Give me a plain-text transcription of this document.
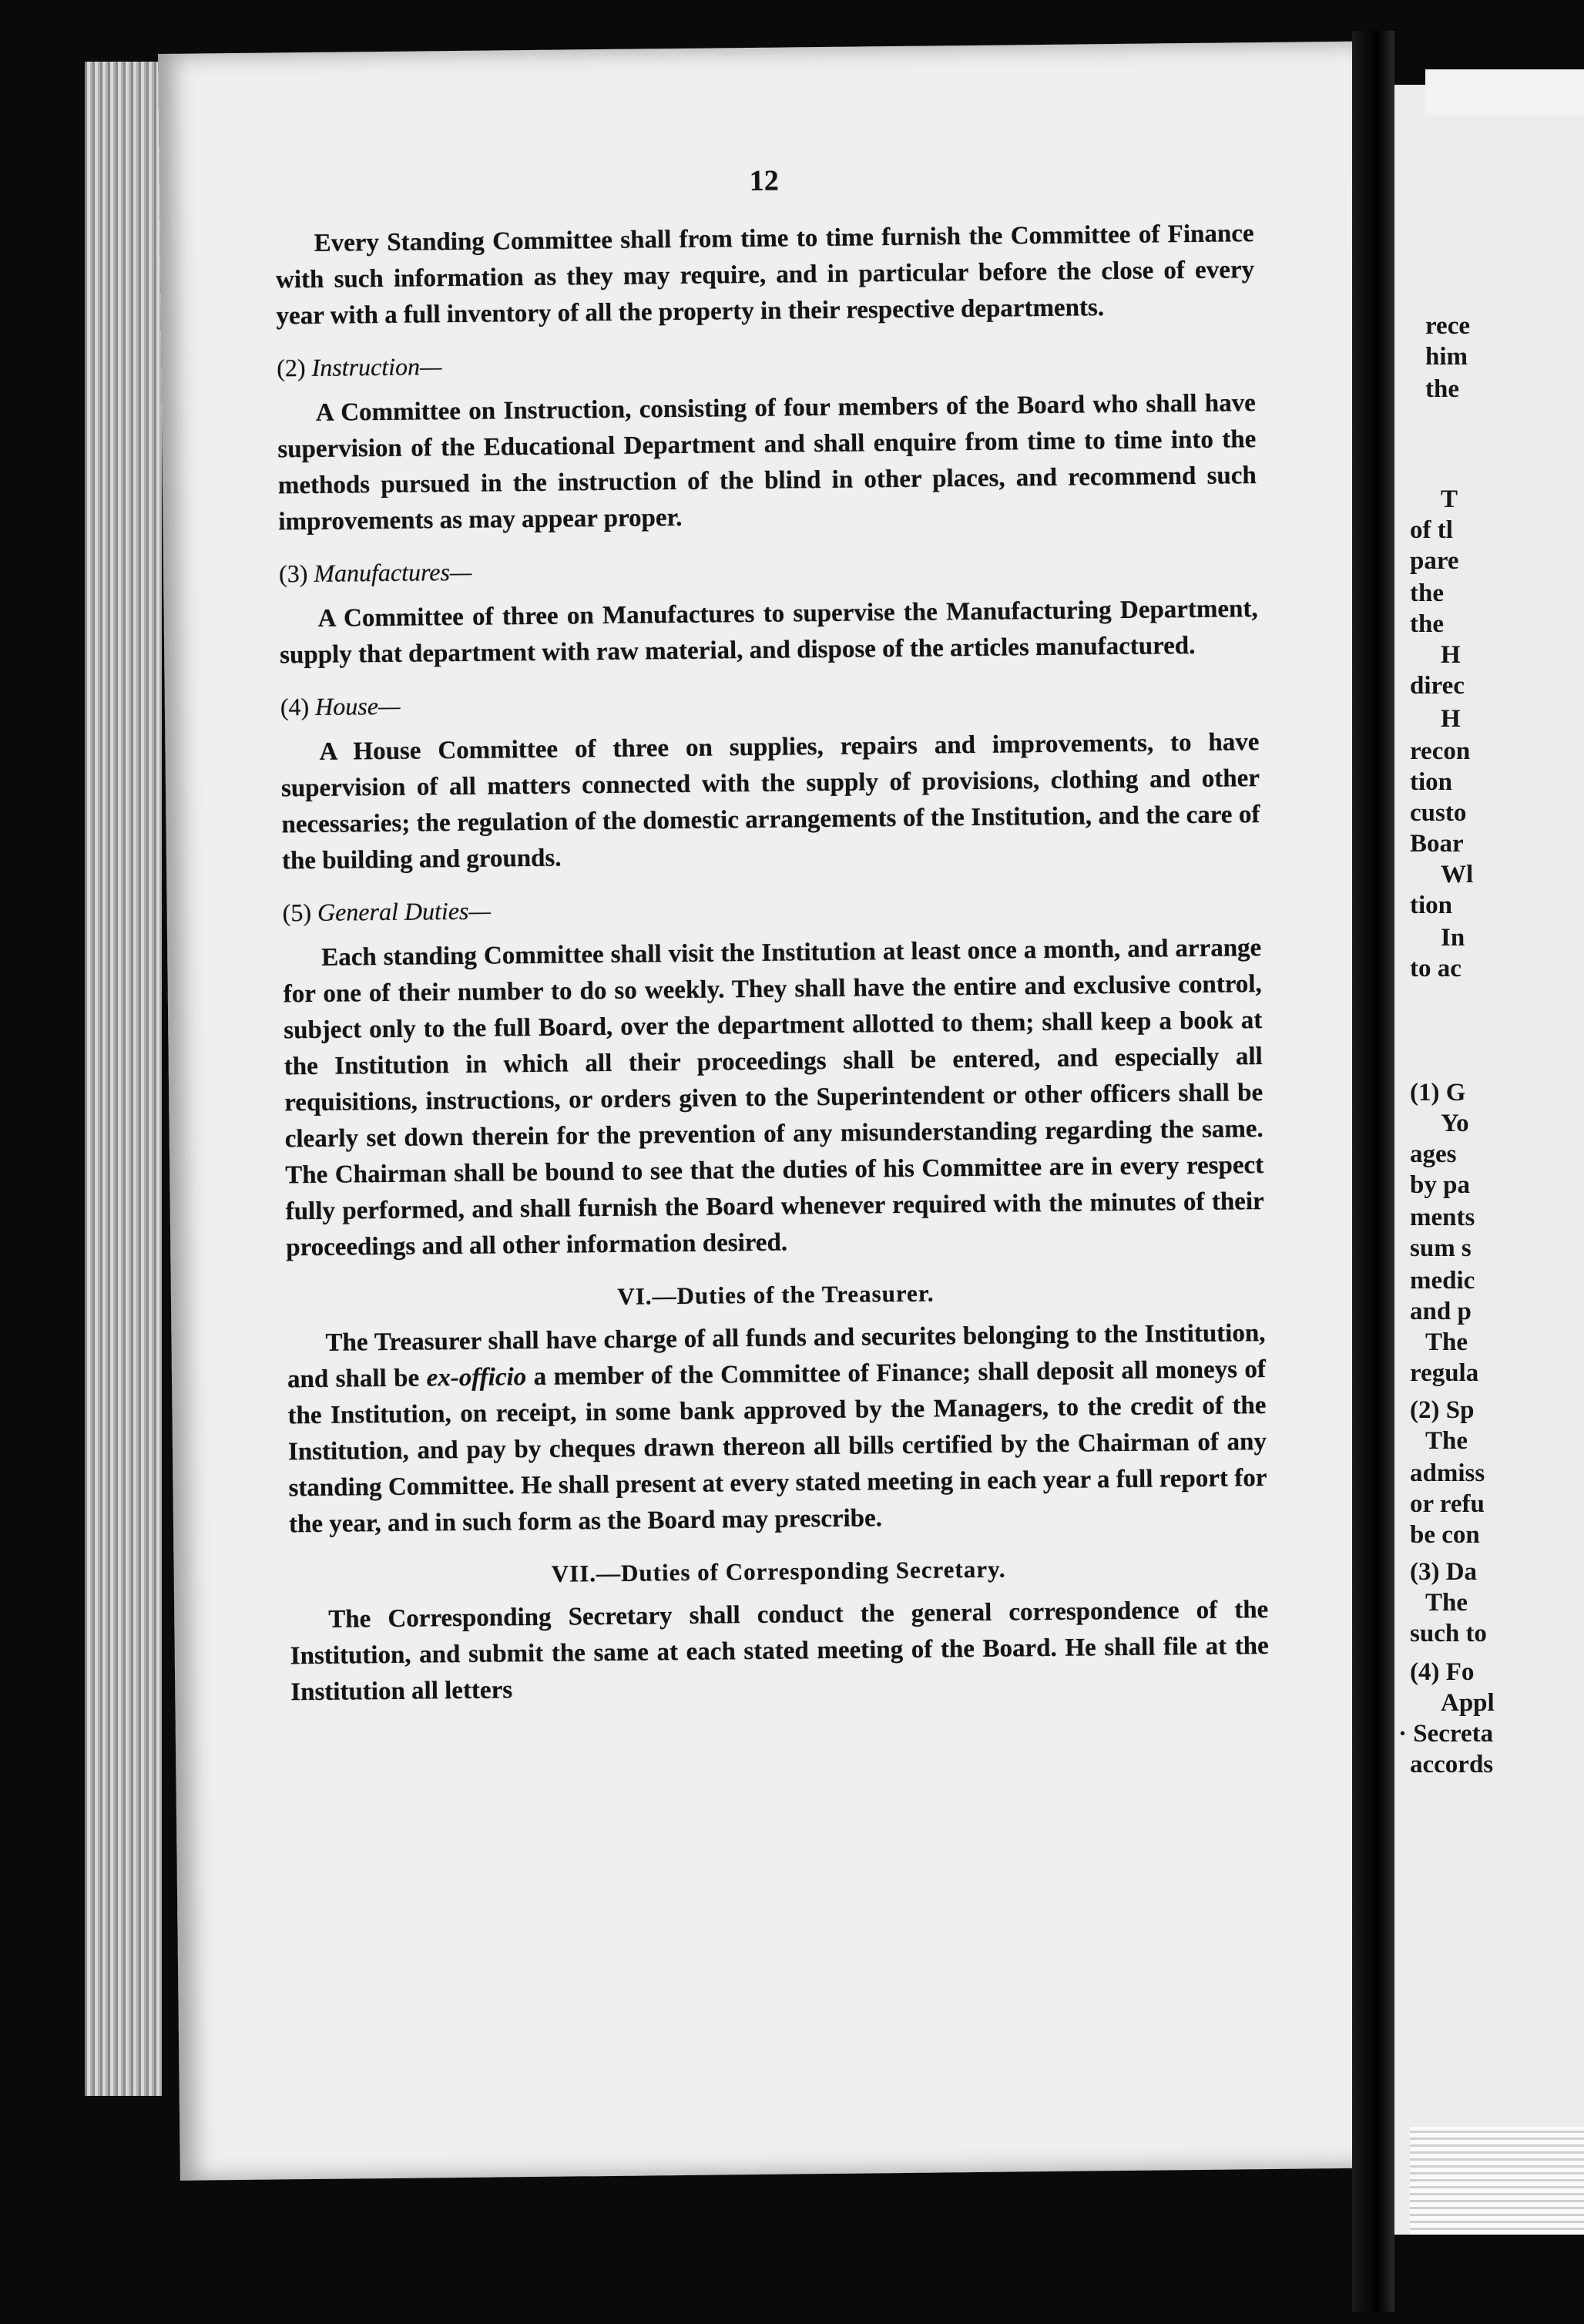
12

Every Standing Committee shall from time to time furnish the Committee of Finance with such information as they may require, and in particular before the close of every year with a full inventory of all the property in their respective departments.

(2) Instruction—

A Committee on Instruction, consisting of four members of the Board who shall have supervision of the Educational Department and shall enquire from time to time into the methods pursued in the instruction of the blind in other places, and recommend such improvements as may appear proper.

(3) Manufactures—

A Committee of three on Manufactures to supervise the Manufacturing Department, supply that department with raw material, and dispose of the articles manufactured.

(4) House—

A House Committee of three on supplies, repairs and improvements, to have supervision of all matters connected with the supply of provisions, clothing and other necessaries; the regulation of the domestic arrangements of the Institution, and the care of the building and grounds.

(5) General Duties—

Each standing Committee shall visit the Institution at least once a month, and arrange for one of their number to do so weekly. They shall have the entire and exclusive control, subject only to the full Board, over the department allotted to them; shall keep a book at the Institution in which all their proceedings shall be entered, and especially all requisitions, instructions, or orders given to the Superintendent or other officers shall be clearly set down therein for the prevention of any misunderstanding regarding the same. The Chairman shall be bound to see that the duties of his Committee are in every respect fully performed, and shall furnish the Board whenever required with the minutes of their proceedings and all other information desired.

VI.—Duties of the Treasurer.

The Treasurer shall have charge of all funds and securites belonging to the Institution, and shall be ex-officio a member of the Committee of Finance; shall deposit all moneys of the Institution, on receipt, in some bank approved by the Managers, to the credit of the Institution, and pay by cheques drawn thereon all bills certified by the Chairman of any standing Committee. He shall present at every stated meeting in each year a full report for the year, and in such form as the Board may prescribe.

VII.—Duties of Corresponding Secretary.

The Corresponding Secretary shall conduct the general correspondence of the Institution, and submit the same at each stated meeting of the Board. He shall file at the Institution all letters

rece
him
the
T
of tl
pare
the
the
H
direc
H
recon
tion
custo
Boar
Wl
tion
In
to ac
(1) G
Yo
ages
by pa
ments
sum s
medic
and p
The
regula
(2) Sp
The
admiss
or refu
be con
(3) Da
The
such to
(4) Fo
Appl
· Secreta
accords
